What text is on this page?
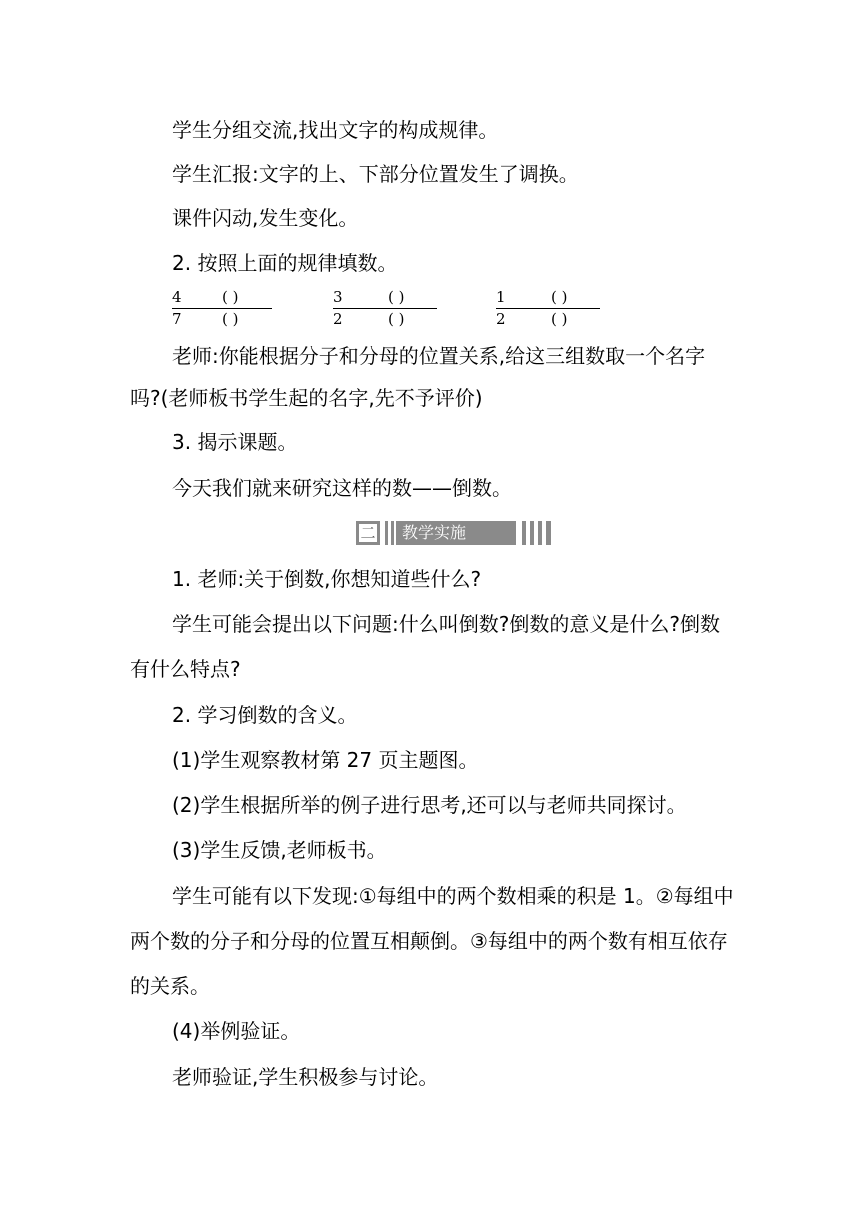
学生分组交流,找出文字的构成规律。
学生汇报:文字的上、下部分位置发生了调换。
课件闪动,发生变化。
2. 按照上面的规律填数。
4
7
( )
( )
3
2
( )
( )
1
2
( )
( )
老师:你能根据分子和分母的位置关系,给这三组数取一个名字
吗?(老师板书学生起的名字,先不予评价)
3. 揭示课题。
今天我们就来研究这样的数——倒数。
二 教学实施
1. 老师:关于倒数,你想知道些什么?
学生可能会提出以下问题:什么叫倒数?倒数的意义是什么?倒数
有什么特点?
2. 学习倒数的含义。
(1)学生观察教材第 27 页主题图。
(2)学生根据所举的例子进行思考,还可以与老师共同探讨。
(3)学生反馈,老师板书。
学生可能有以下发现:①每组中的两个数相乘的积是 1。②每组中
两个数的分子和分母的位置互相颠倒。③每组中的两个数有相互依存
的关系。
(4)举例验证。
老师验证,学生积极参与讨论。
